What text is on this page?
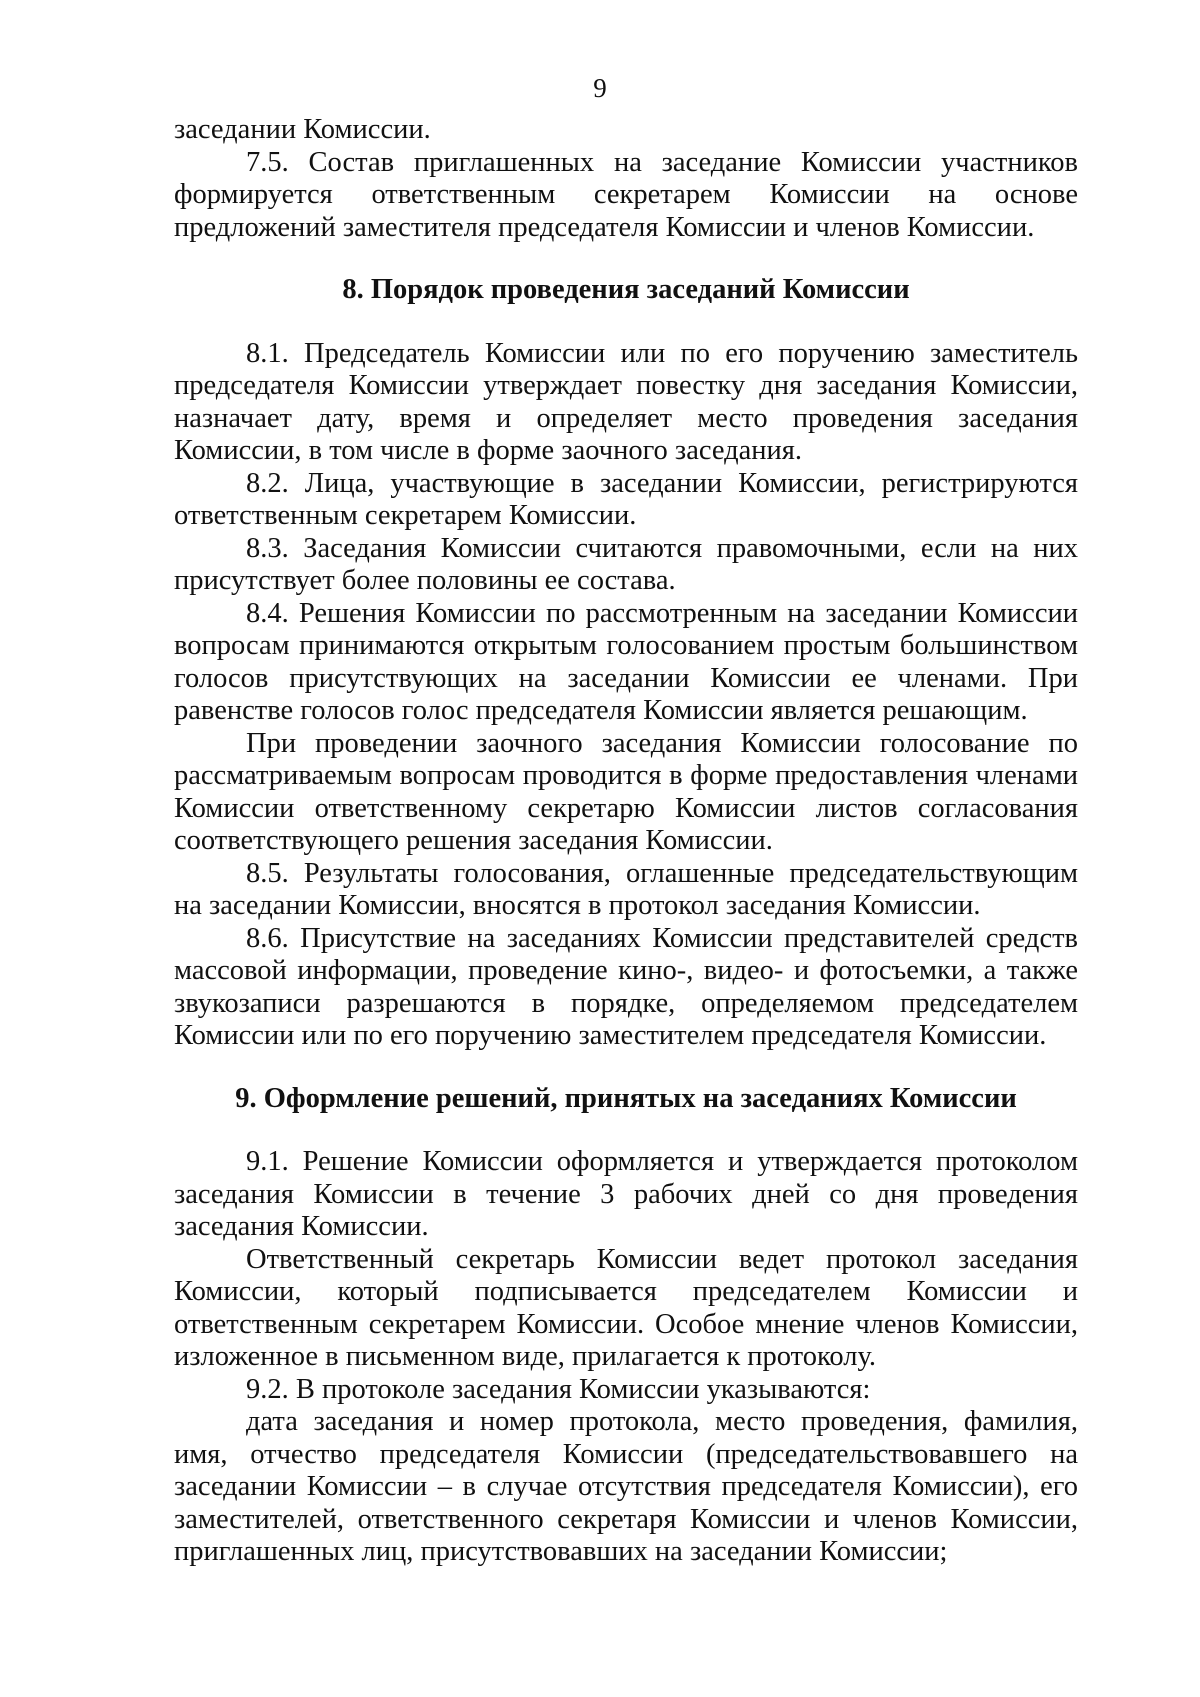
9

заседании Комиссии.

7.5. Состав приглашенных на заседание Комиссии участников формируется ответственным секретарем Комиссии на основе предложений заместителя председателя Комиссии и членов Комиссии.

8. Порядок проведения заседаний Комиссии

8.1. Председатель Комиссии или по его поручению заместитель председателя Комиссии утверждает повестку дня заседания Комиссии, назначает дату, время и определяет место проведения заседания Комиссии, в том числе в форме заочного заседания.

8.2. Лица, участвующие в заседании Комиссии, регистрируются ответственным секретарем Комиссии.

8.3. Заседания Комиссии считаются правомочными, если на них присутствует более половины ее состава.

8.4. Решения Комиссии по рассмотренным на заседании Комиссии вопросам принимаются открытым голосованием простым большинством голосов присутствующих на заседании Комиссии ее членами. При равенстве голосов голос председателя Комиссии является решающим.

При проведении заочного заседания Комиссии голосование по рассматриваемым вопросам проводится в форме предоставления членами Комиссии ответственному секретарю Комиссии листов согласования соответствующего решения заседания Комиссии.

8.5. Результаты голосования, оглашенные председательствующим на заседании Комиссии, вносятся в протокол заседания Комиссии.

8.6. Присутствие на заседаниях Комиссии представителей средств массовой информации, проведение кино-, видео- и фотосъемки, а также звукозаписи разрешаются в порядке, определяемом председателем Комиссии или по его поручению заместителем председателя Комиссии.

9. Оформление решений, принятых на заседаниях Комиссии

9.1. Решение Комиссии оформляется и утверждается протоколом заседания Комиссии в течение 3 рабочих дней со дня проведения заседания Комиссии.

Ответственный секретарь Комиссии ведет протокол заседания Комиссии, который подписывается председателем Комиссии и ответственным секретарем Комиссии. Особое мнение членов Комиссии, изложенное в письменном виде, прилагается к протоколу.

9.2. В протоколе заседания Комиссии указываются:

дата заседания и номер протокола, место проведения, фамилия, имя, отчество председателя Комиссии (председательствовавшего на заседании Комиссии – в случае отсутствия председателя Комиссии), его заместителей, ответственного секретаря Комиссии и членов Комиссии, приглашенных лиц, присутствовавших на заседании Комиссии;
